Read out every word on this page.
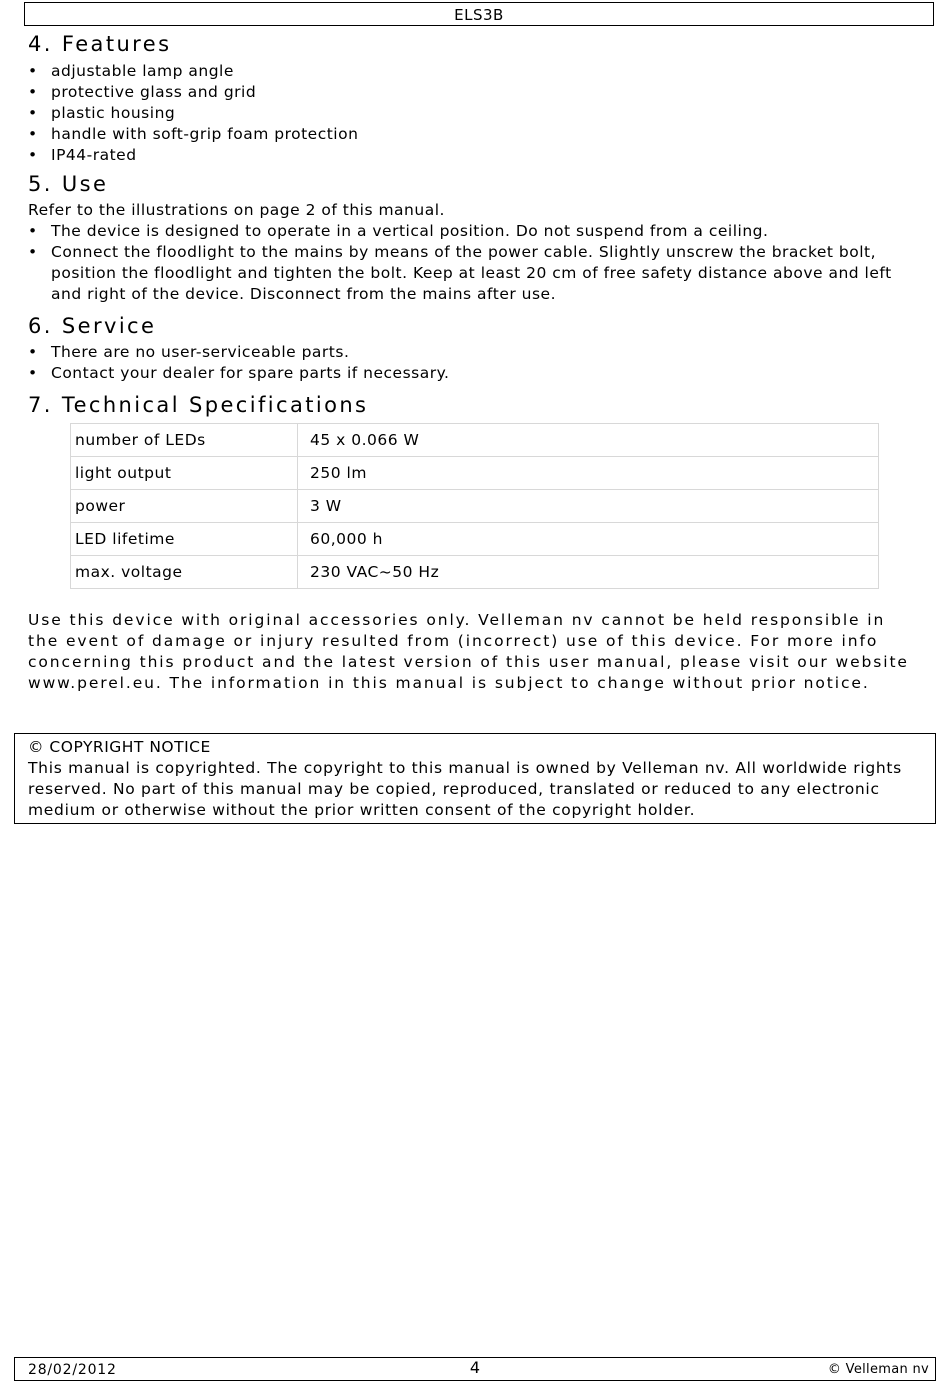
ELS3B
4. Features
• adjustable lamp angle
• protective glass and grid
• plastic housing
• handle with soft-grip foam protection
• IP44-rated
5. Use

Refer to the illustrations on page 2 of this manual.

• The device is designed to operate in a vertical position. Do not suspend from a ceiling.
• Connect the floodlight to the mains by means of the power cable. Slightly unscrew the bracket bolt, position the floodlight and tighten the bolt. Keep at least 20 cm of free safety distance above and left and right of the device. Disconnect from the mains after use.
6. Service
• There are no user-serviceable parts.
• Contact your dealer for spare parts if necessary.
7. Technical Specifications
number of LEDs	45 x 0.066 W
light output	250 lm
power	3 W
LED lifetime	60,000 h
max. voltage	230 VAC~50 Hz

Use this device with original accessories only. Velleman nv cannot be held responsible in the event of damage or injury resulted from (incorrect) use of this device. For more info concerning this product and the latest version of this user manual, please visit our website www.perel.eu. The information in this manual is subject to change without prior notice.

© COPYRIGHT NOTICE

This manual is copyrighted. The copyright to this manual is owned by Velleman nv. All worldwide rights reserved. No part of this manual may be copied, reproduced, translated or reduced to any electronic medium or otherwise without the prior written consent of the copyright holder.

28/02/2012	4	© Velleman nv
